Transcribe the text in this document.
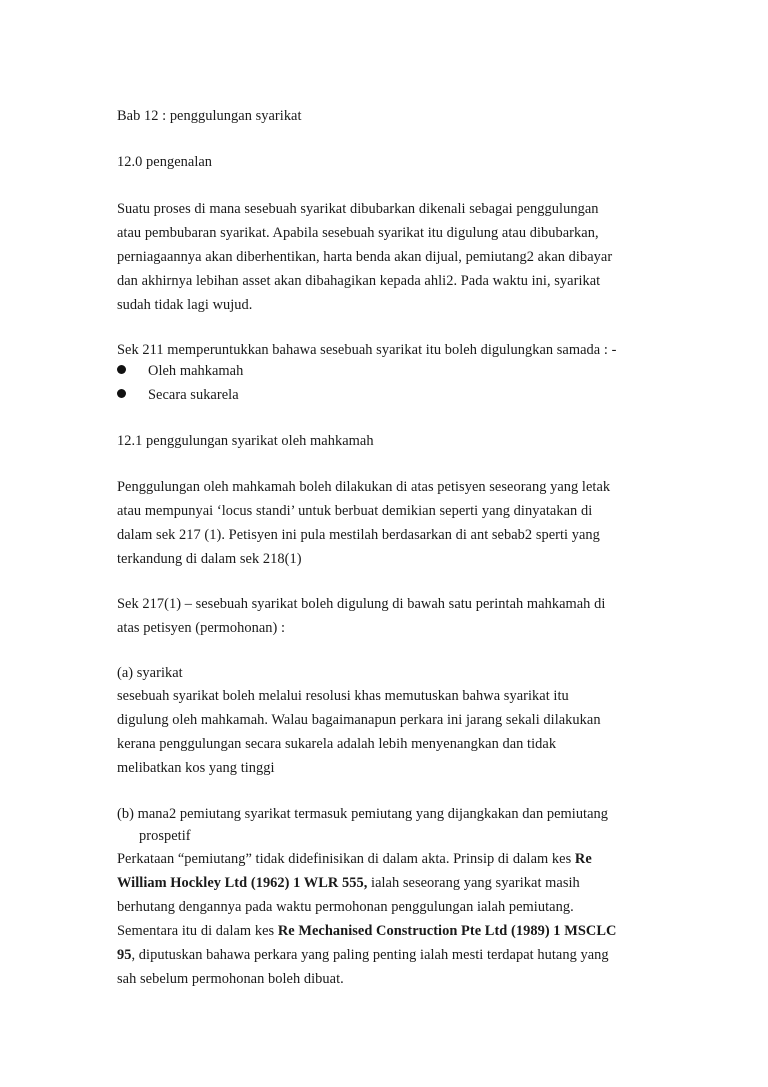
Bab 12 : penggulungan syarikat
12.0 pengenalan
Suatu proses di mana sesebuah syarikat dibubarkan dikenali sebagai penggulungan
atau pembubaran syarikat. Apabila sesebuah syarikat itu digulung atau dibubarkan,
perniagaannya akan diberhentikan, harta benda akan dijual, pemiutang2 akan dibayar
dan akhirnya lebihan asset akan dibahagikan kepada ahli2. Pada waktu ini, syarikat
sudah tidak lagi wujud.
Sek 211 memperuntukkan bahawa sesebuah syarikat itu boleh digulungkan samada : -
Oleh mahkamah
Secara sukarela
12.1 penggulungan syarikat oleh mahkamah
Penggulungan oleh mahkamah boleh dilakukan di atas petisyen seseorang yang letak
atau mempunyai ‘locus standi’ untuk berbuat demikian seperti yang dinyatakan di
dalam sek 217 (1). Petisyen ini pula mestilah berdasarkan di ant sebab2 sperti yang
terkandung di dalam sek 218(1)
Sek 217(1) – sesebuah syarikat boleh digulung di bawah satu perintah mahkamah di
atas petisyen (permohonan) :
(a) syarikat
sesebuah syarikat boleh melalui resolusi khas memutuskan bahwa syarikat itu
digulung oleh mahkamah. Walau bagaimanapun perkara ini jarang sekali dilakukan
kerana penggulungan secara sukarela adalah lebih menyenangkan dan tidak
melibatkan kos yang tinggi
(b) mana2 pemiutang syarikat termasuk pemiutang yang dijangkakan dan pemiutang
prospetif
Perkataan “pemiutang” tidak didefinisikan di dalam akta. Prinsip di dalam kes Re
William Hockley Ltd (1962) 1 WLR 555, ialah seseorang yang syarikat masih
berhutang dengannya pada waktu permohonan penggulungan ialah pemiutang.
Sementara itu di dalam kes Re Mechanised Construction Pte Ltd (1989) 1 MSCLC
95, diputuskan bahawa perkara yang paling penting ialah mesti terdapat hutang yang
sah sebelum permohonan boleh dibuat.
